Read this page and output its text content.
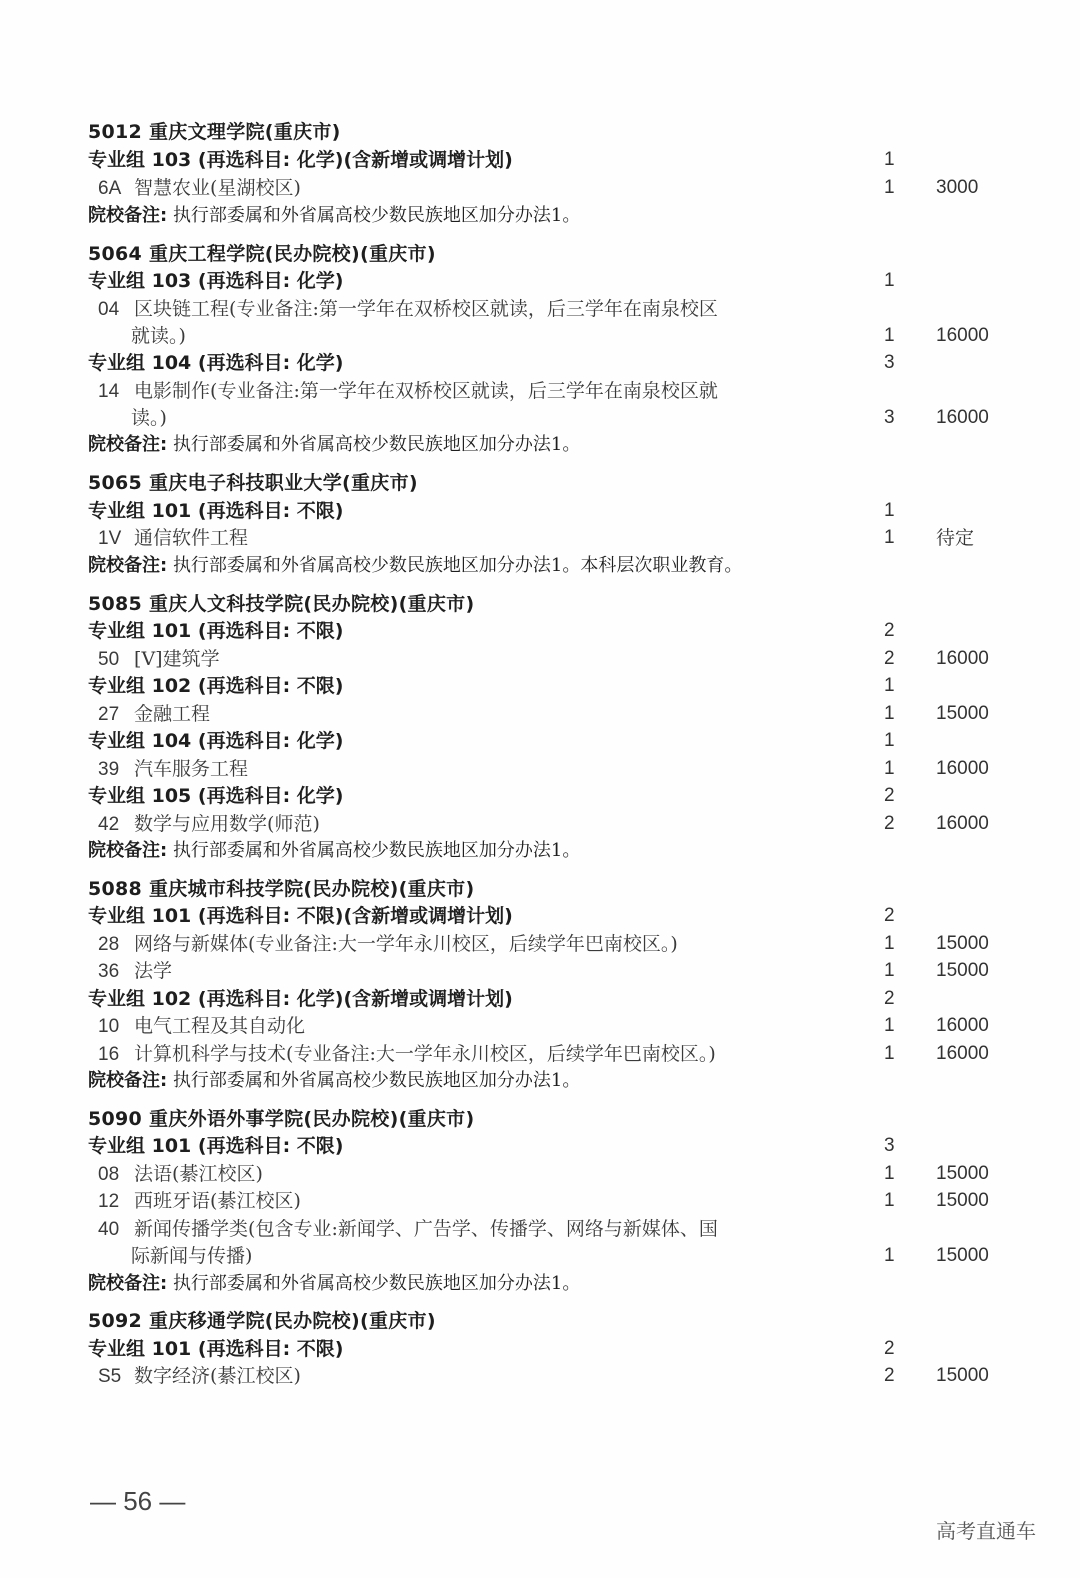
5012 重庆文理学院(重庆市)
专业组 103 (再选科目: 化学)(含新增或调增计划)	1
6A 智慧农业(星湖校区)	1 3000
院校备注: 执行部委属和外省属高校少数民族地区加分办法1。
5064 重庆工程学院(民办院校)(重庆市)
专业组 103 (再选科目: 化学)	1
04 区块链工程(专业备注:第一学年在双桥校区就读，后三学年在南泉校区
就读。)	1 16000
专业组 104 (再选科目: 化学)	3
14 电影制作(专业备注:第一学年在双桥校区就读，后三学年在南泉校区就
读。)	3 16000
院校备注: 执行部委属和外省属高校少数民族地区加分办法1。
5065 重庆电子科技职业大学(重庆市)
专业组 101 (再选科目: 不限)	1
1V 通信软件工程	1 待定
院校备注: 执行部委属和外省属高校少数民族地区加分办法1。本科层次职业教育。
5085 重庆人文科技学院(民办院校)(重庆市)
专业组 101 (再选科目: 不限)	2
50 [V]建筑学	2 16000
专业组 102 (再选科目: 不限)	1
27 金融工程	1 15000
专业组 104 (再选科目: 化学)	1
39 汽车服务工程	1 16000
专业组 105 (再选科目: 化学)	2
42 数学与应用数学(师范)	2 16000
院校备注: 执行部委属和外省属高校少数民族地区加分办法1。
5088 重庆城市科技学院(民办院校)(重庆市)
专业组 101 (再选科目: 不限)(含新增或调增计划)	2
28 网络与新媒体(专业备注:大一学年永川校区，后续学年巴南校区。)	1 15000
36 法学	1 15000
专业组 102 (再选科目: 化学)(含新增或调增计划)	2
10 电气工程及其自动化	1 16000
16 计算机科学与技术(专业备注:大一学年永川校区，后续学年巴南校区。)	1 16000
院校备注: 执行部委属和外省属高校少数民族地区加分办法1。
5090 重庆外语外事学院(民办院校)(重庆市)
专业组 101 (再选科目: 不限)	3
08 法语(綦江校区)	1 15000
12 西班牙语(綦江校区)	1 15000
40 新闻传播学类(包含专业:新闻学、广告学、传播学、网络与新媒体、国
际新闻与传播)	1 15000
院校备注: 执行部委属和外省属高校少数民族地区加分办法1。
5092 重庆移通学院(民办院校)(重庆市)
专业组 101 (再选科目: 不限)	2
S5 数字经济(綦江校区)	2 15000
— 56 —
高考直通车
